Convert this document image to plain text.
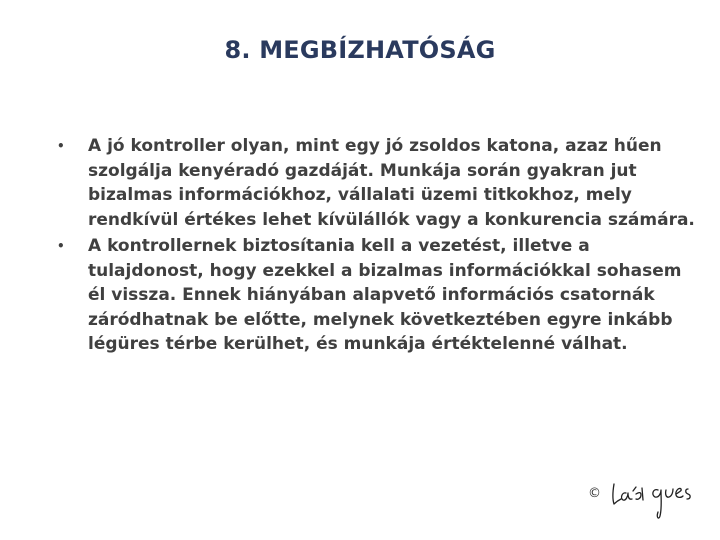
8. MEGBÍZHATÓSÁG
• A jó kontroller olyan, mint egy jó zsoldos katona, azaz hűen szolgálja kenyéradó gazdáját. Munkája során gyakran jut bizalmas információkhoz, vállalati üzemi titkokhoz, mely rendkívül értékes lehet kívülállók vagy a konkurencia számára.
• A kontrollernek biztosítania kell a vezetést, illetve a tulajdonost, hogy ezekkel a bizalmas információkkal sohasem él vissza. Ennek hiányában alapvető információs csatornák záródhatnak be előtte, melynek következtében egyre inkább légüres térbe kerülhet, és munkája értéktelenné válhat.
©
